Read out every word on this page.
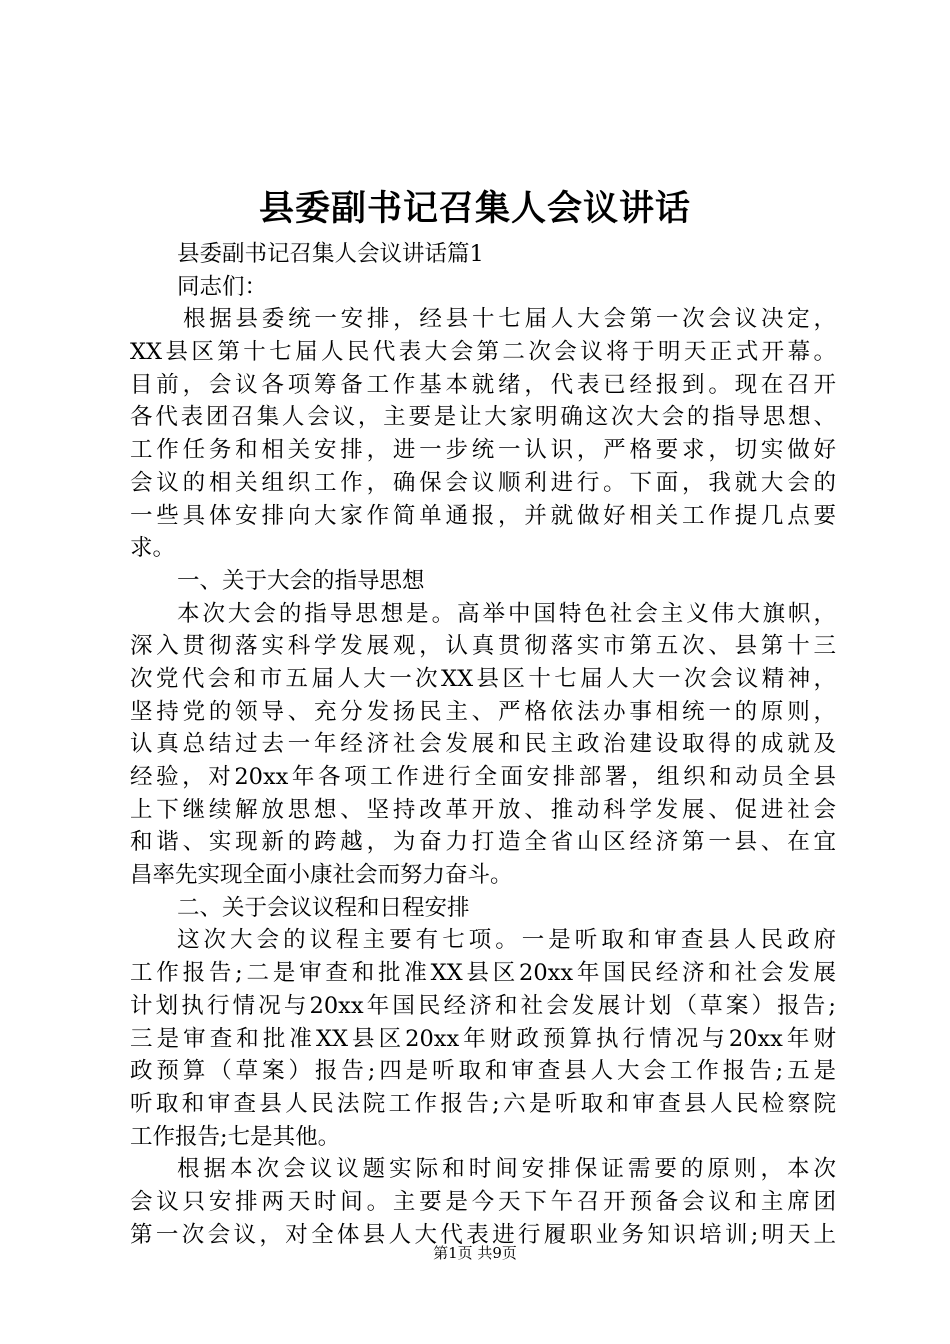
县委副书记召集人会议讲话
县委副书记召集人会议讲话篇1
同志们：
根据县委统一安排，经县十七届人大会第一次会议决定，
XX县区第十七届人民代表大会第二次会议将于明天正式开幕。
目前，会议各项筹备工作基本就绪，代表已经报到。现在召开
各代表团召集人会议，主要是让大家明确这次大会的指导思想、
工作任务和相关安排，进一步统一认识，严格要求，切实做好
会议的相关组织工作，确保会议顺利进行。下面，我就大会的
一些具体安排向大家作简单通报，并就做好相关工作提几点要
求。
一、关于大会的指导思想
本次大会的指导思想是。高举中国特色社会主义伟大旗帜，
深入贯彻落实科学发展观，认真贯彻落实市第五次、县第十三
次党代会和市五届人大一次XX县区十七届人大一次会议精神，
坚持党的领导、充分发扬民主、严格依法办事相统一的原则，
认真总结过去一年经济社会发展和民主政治建设取得的成就及
经验，对20xx年各项工作进行全面安排部署，组织和动员全县
上下继续解放思想、坚持改革开放、推动科学发展、促进社会
和谐、实现新的跨越，为奋力打造全省山区经济第一县、在宜
昌率先实现全面小康社会而努力奋斗。
二、关于会议议程和日程安排
这次大会的议程主要有七项。一是听取和审查县人民政府
工作报告;二是审查和批准XX县区20xx年国民经济和社会发展
计划执行情况与20xx年国民经济和社会发展计划（草案）报告;
三是审查和批准XX县区20xx年财政预算执行情况与20xx年财
政预算（草案）报告;四是听取和审查县人大会工作报告;五是
听取和审查县人民法院工作报告;六是听取和审查县人民检察院
工作报告;七是其他。
根据本次会议议题实际和时间安排保证需要的原则，本次
会议只安排两天时间。主要是今天下午召开预备会议和主席团
第一次会议，对全体县人大代表进行履职业务知识培训;明天上
第1页 共9页
